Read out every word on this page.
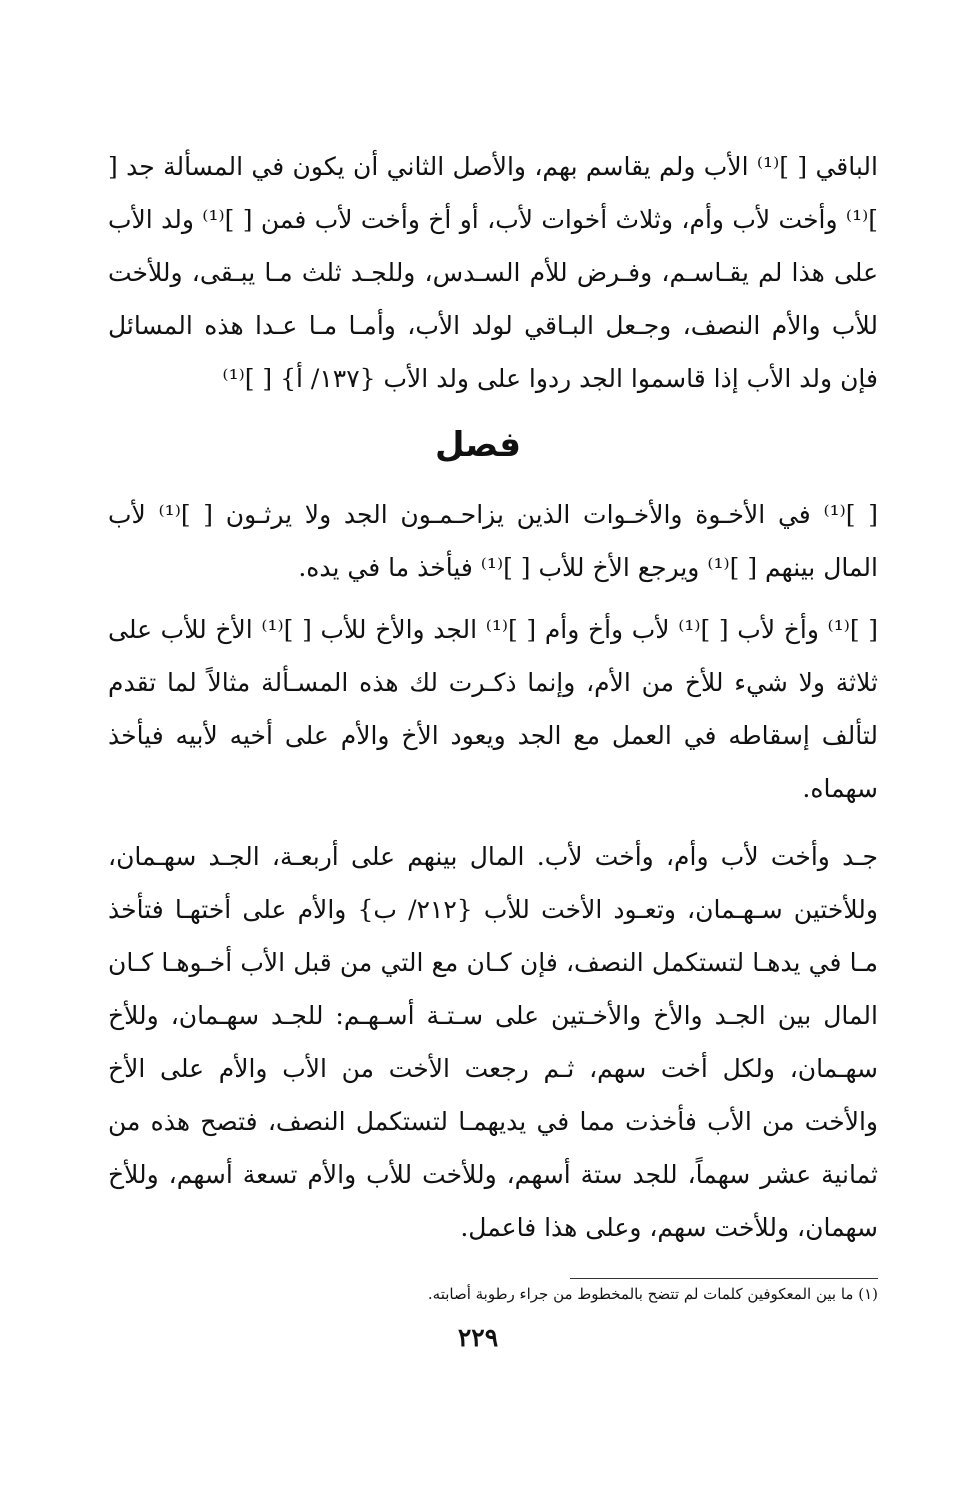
الباقي [ ]⁽¹⁾ الأب ولم يقاسم بهم، والأصل الثاني أن يكون في المسألة جد [ ]⁽¹⁾ وأخت لأب وأم، وثلاث أخوات لأب، أو أخ وأخت لأب فمن [ ]⁽¹⁾ ولد الأب على هذا لم يقـاسـم، وفـرض للأم السـدس، وللجـد ثلث مـا يبـقى، وللأخت للأب والأم النصف، وجـعل البـاقي لولد الأب، وأمـا مـا عـدا هذه المسائل فإن ولد الأب إذا قاسموا الجد ردوا على ولد الأب {١٣٧/ أ} [ ]⁽¹⁾

فصل

[ ]⁽¹⁾ في الأخـوة والأخـوات الذين يزاحـمـون الجد ولا يرثـون [ ]⁽¹⁾ لأب المال بينهم [ ]⁽¹⁾ ويرجع الأخ للأب [ ]⁽¹⁾ فيأخذ ما في يده.

[ ]⁽¹⁾ وأخ لأب [ ]⁽¹⁾ لأب وأخ وأم [ ]⁽¹⁾ الجد والأخ للأب [ ]⁽¹⁾ الأخ للأب على ثلاثة ولا شيء للأخ من الأم، وإنما ذكـرت لك هذه المسـألة مثالاً لما تقدم لتألف إسقاطه في العمل مع الجد ويعود الأخ والأم على أخيه لأبيه فيأخذ سهماه.

جـد وأخت لأب وأم، وأخت لأب. المال بينهم على أربعـة، الجـد سهـمان، وللأختين سـهـمان، وتعـود الأخت للأب {٢١٢/ ب} والأم على أختهـا فتأخذ مـا في يدهـا لتستكمل النصف، فإن كـان مع التي من قبل الأب أخـوهـا كـان المال بين الجـد والأخ والأخـتين على سـتـة أسـهـم: للجـد سهـمان، وللأخ سهـمان، ولكل أخت سهم، ثـم رجعت الأخت من الأب والأم على الأخ والأخت من الأب فأخذت مما في يديهمـا لتستكمل النصف، فتصح هذه من ثمانية عشر سهماً، للجد ستة أسهم، وللأخت للأب والأم تسعة أسهم، وللأخ سهمان، وللأخت سهم، وعلى هذا فاعمل.

(١) ما بين المعكوفين كلمات لم تتضح بالمخطوط من جراء رطوبة أصابته.
٢٢٩
